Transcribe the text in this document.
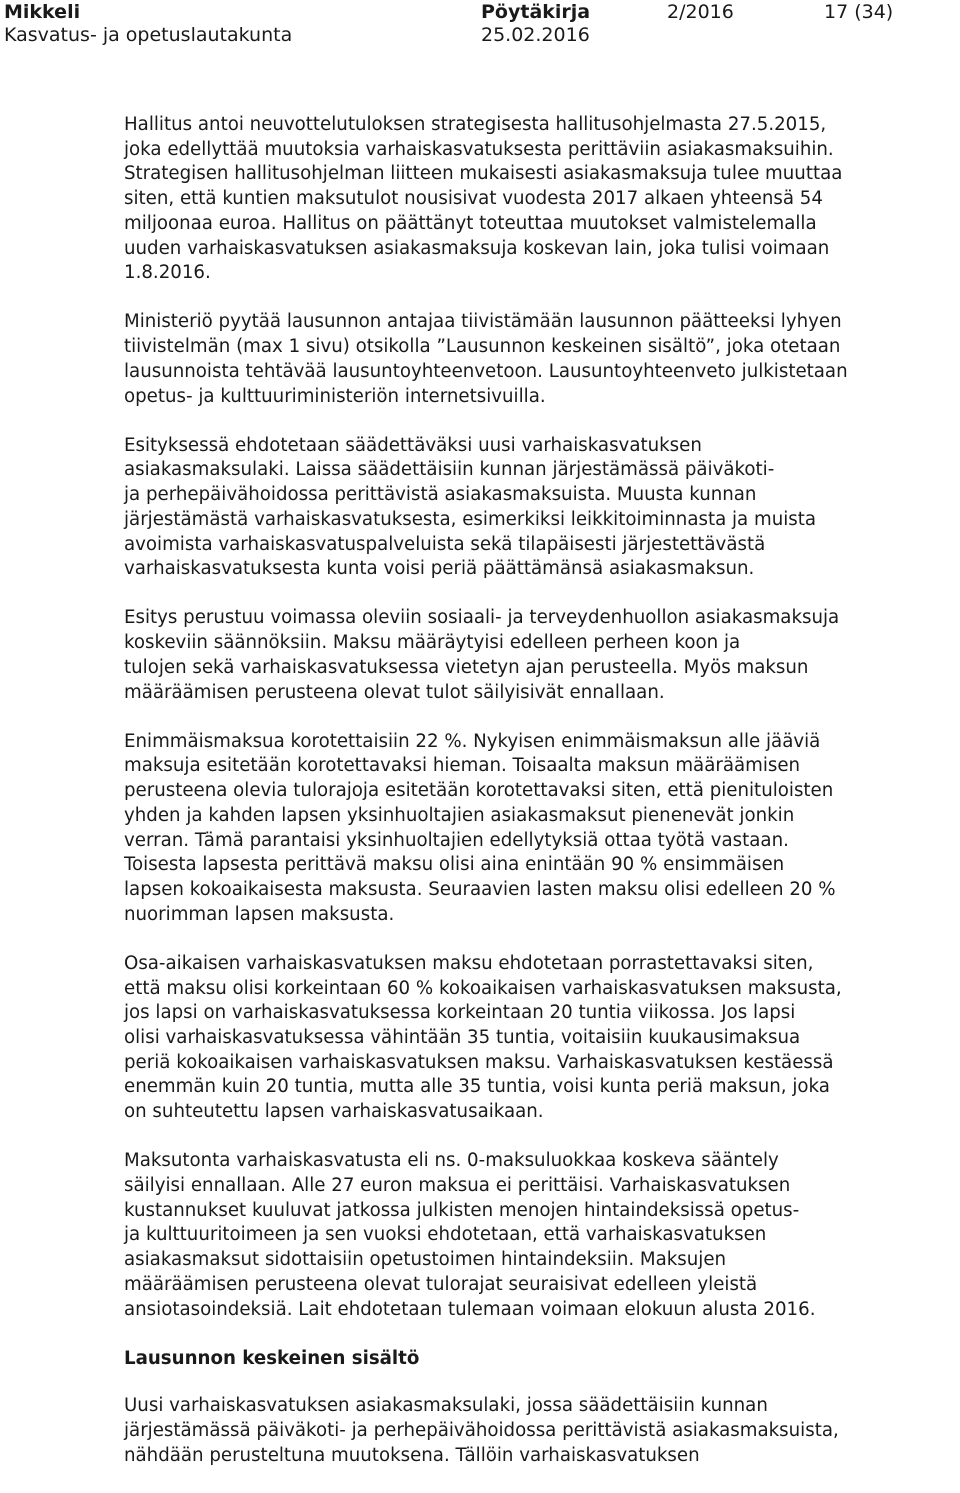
Mikkeli	Pöytäkirja	2/2016	17 (34)
Kasvatus- ja opetuslautakunta	25.02.2016
Hallitus antoi neuvottelutuloksen strategisesta hallitusohjelmasta 27.5.2015,
joka edellyttää muutoksia varhaiskasvatuksesta perittäviin asiakasmaksuihin.
Strategisen hallitusohjelman liitteen mukaisesti asiakasmaksuja tulee muuttaa
siten, että kuntien maksutulot nousisivat vuodesta 2017 alkaen yhteensä 54
miljoonaa euroa. Hallitus on päättänyt toteuttaa muutokset valmistelemalla
uuden varhaiskasvatuksen asiakasmaksuja koskevan lain, joka tulisi voimaan
1.8.2016.
Ministeriö pyytää lausunnon antajaa tiivistämään lausunnon päätteeksi lyhyen
tiivistelmän (max 1 sivu) otsikolla ”Lausunnon keskeinen sisältö”, joka otetaan
lausunnoista tehtävää lausuntoyhteenvetoon. Lausuntoyhteenveto julkistetaan
opetus- ja kulttuuriministeriön internetsivuilla.
Esityksessä ehdotetaan säädettäväksi uusi varhaiskasvatuksen
asiakasmaksulaki. Laissa säädettäisiin kunnan järjestämässä päiväkoti-
ja perhepäivähoidossa perittävistä asiakasmaksuista. Muusta kunnan
järjestämästä varhaiskasvatuksesta, esimerkiksi leikkitoiminnasta ja muista
avoimista varhaiskasvatuspalveluista sekä tilapäisesti järjestettävästä
varhaiskasvatuksesta kunta voisi periä päättämänsä asiakasmaksun.
Esitys perustuu voimassa oleviin sosiaali- ja terveydenhuollon asiakasmaksuja
koskeviin säännöksiin. Maksu määräytyisi edelleen perheen koon ja
tulojen sekä varhaiskasvatuksessa vietetyn ajan perusteella. Myös maksun
määräämisen perusteena olevat tulot säilyisivät ennallaan.
Enimmäismaksua korotettaisiin 22 %. Nykyisen enimmäismaksun alle jääviä
maksuja esitetään korotettavaksi hieman. Toisaalta maksun määräämisen
perusteena olevia tulorajoja esitetään korotettavaksi siten, että pienituloisten
yhden ja kahden lapsen yksinhuoltajien asiakasmaksut pienenevät jonkin
verran. Tämä parantaisi yksinhuoltajien edellytyksiä ottaa työtä vastaan.
Toisesta lapsesta perittävä maksu olisi aina enintään 90 % ensimmäisen
lapsen kokoaikaisesta maksusta. Seuraavien lasten maksu olisi edelleen 20 %
nuorimman lapsen maksusta.
Osa-aikaisen varhaiskasvatuksen maksu ehdotetaan porrastettavaksi siten,
että maksu olisi korkeintaan 60 % kokoaikaisen varhaiskasvatuksen maksusta,
jos lapsi on varhaiskasvatuksessa korkeintaan 20 tuntia viikossa. Jos lapsi
olisi varhaiskasvatuksessa vähintään 35 tuntia, voitaisiin kuukausimaksua
periä kokoaikaisen varhaiskasvatuksen maksu. Varhaiskasvatuksen kestäessä
enemmän kuin 20 tuntia, mutta alle 35 tuntia, voisi kunta periä maksun, joka
on suhteutettu lapsen varhaiskasvatusaikaan.
Maksutonta varhaiskasvatusta eli ns. 0-maksuluokkaa koskeva sääntely
säilyisi ennallaan. Alle 27 euron maksua ei perittäisi. Varhaiskasvatuksen
kustannukset kuuluvat jatkossa julkisten menojen hintaindeksissä opetus-
ja kulttuuritoimeen ja sen vuoksi ehdotetaan, että varhaiskasvatuksen
asiakasmaksut sidottaisiin opetustoimen hintaindeksiin. Maksujen
määräämisen perusteena olevat tulorajat seuraisivat edelleen yleistä
ansiotasoindeksiä. Lait ehdotetaan tulemaan voimaan elokuun alusta 2016.
Lausunnon keskeinen sisältö
Uusi varhaiskasvatuksen asiakasmaksulaki, jossa säädettäisiin kunnan
järjestämässä päiväkoti- ja perhepäivähoidossa perittävistä asiakasmaksuista,
nähdään perusteltuna muutoksena. Tällöin varhaiskasvatuksen
